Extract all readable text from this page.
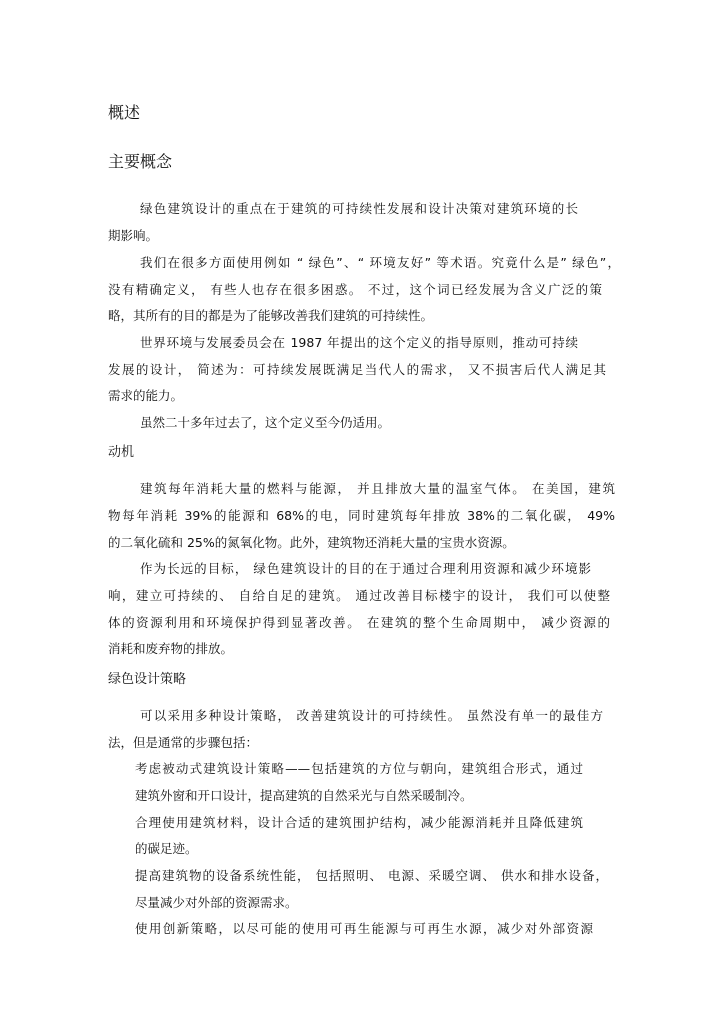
概述
主要概念
绿色建筑设计的重点在于建筑的可持续性发展和设计决策对建筑环境的长
期影响。
我们在很多方面使用例如 “ 绿色”、“ 环境友好” 等术语。究竟什么是” 绿色”，
没有精确定义， 有些人也存在很多困惑。 不过，这个词已经发展为含义广泛的策
略，其所有的目的都是为了能够改善我们建筑的可持续性。
世界环境与发展委员会在 1987 年提出的这个定义的指导原则，推动可持续
发展的设计， 简述为：可持续发展既满足当代人的需求， 又不损害后代人满足其
需求的能力。
虽然二十多年过去了，这个定义至今仍适用。
动机
建筑每年消耗大量的燃料与能源， 并且排放大量的温室气体。 在美国，建筑
物每年消耗 39%的能源和 68%的电，同时建筑每年排放 38%的二氧化碳， 49%
的二氧化硫和 25%的氮氧化物。此外，建筑物还消耗大量的宝贵水资源。
作为长远的目标， 绿色建筑设计的目的在于通过合理利用资源和减少环境影
响，建立可持续的、 自给自足的建筑。 通过改善目标楼宇的设计， 我们可以使整
体的资源利用和环境保护得到显著改善。 在建筑的整个生命周期中， 减少资源的
消耗和废弃物的排放。
绿色设计策略
可以采用多种设计策略， 改善建筑设计的可持续性。 虽然没有单一的最佳方
法，但是通常的步骤包括：
考虑被动式建筑设计策略——包括建筑的方位与朝向，建筑组合形式，通过
建筑外窗和开口设计，提高建筑的自然采光与自然采暖制冷。
合理使用建筑材料，设计合适的建筑围护结构，减少能源消耗并且降低建筑
的碳足迹。
提高建筑物的设备系统性能， 包括照明、 电源、采暖空调、 供水和排水设备，
尽量减少对外部的资源需求。
使用创新策略，以尽可能的使用可再生能源与可再生水源，减少对外部资源
